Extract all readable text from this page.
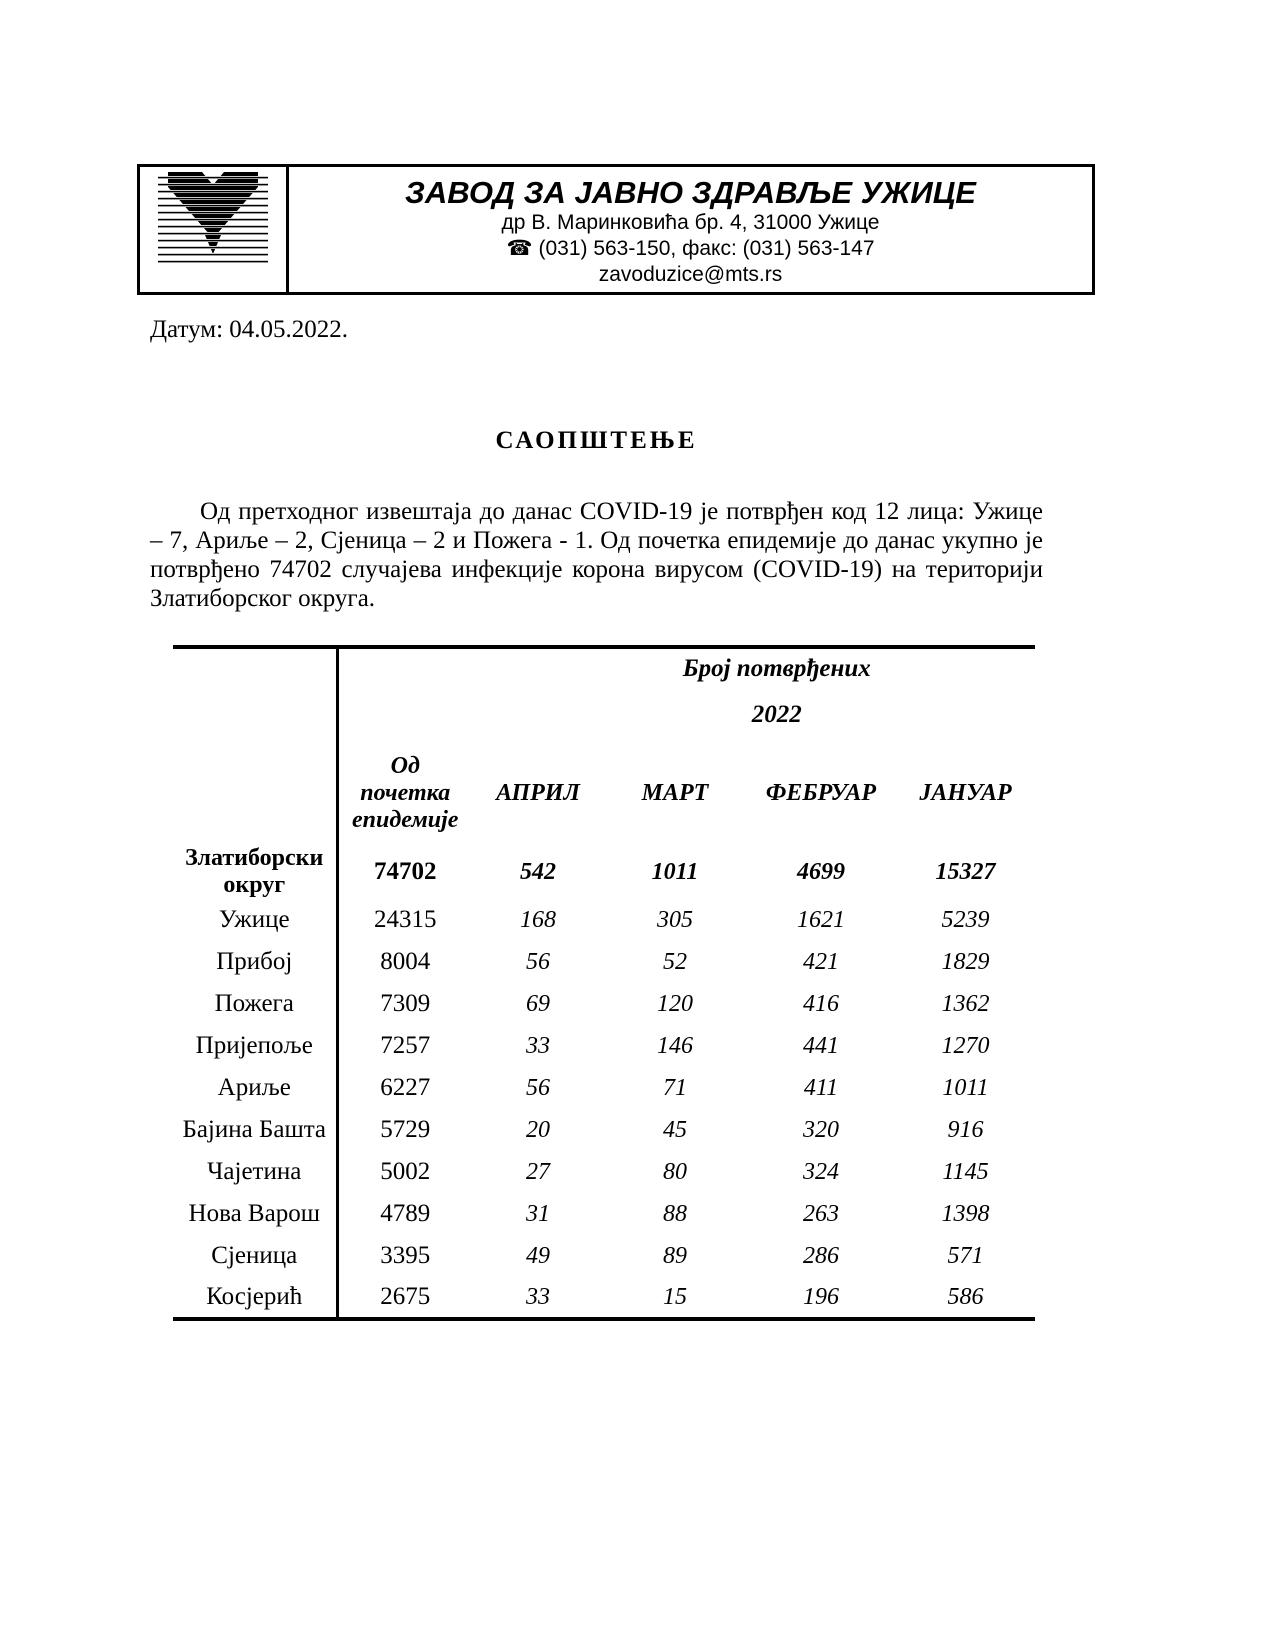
ЗАВОД ЗА ЈАВНО ЗДРАВЉЕ УЖИЦЕ
др В. Маринковића бр. 4, 31000 Ужице
☎ (031) 563-150, факс: (031) 563-147
zavoduzice@mts.rs
Датум: 04.05.2022.
САОПШТЕЊЕ

Од претходног извештаја до данас COVID-19 је потврђен код 12 лица: Ужице – 7, Ариље – 2, Сјеница – 2 и Пожега - 1. Од почетка епидемије до данас укупно је потврђено 74702 случајева инфекције корона вирусом (COVID-19) на територији Златиборског округа.

	Број потврђених				
	2022				
	Од почетка епидемије	АПРИЛ	МАРТ	ФЕБРУАР	ЈАНУАР
Златиборски округ	74702	542	1011	4699	15327
Ужице	24315	168	305	1621	5239
Прибој	8004	56	52	421	1829
Пожега	7309	69	120	416	1362
Пријепоље	7257	33	146	441	1270
Ариље	6227	56	71	411	1011
Бајина Башта	5729	20	45	320	916
Чајетина	5002	27	80	324	1145
Нова Варош	4789	31	88	263	1398
Сјеница	3395	49	89	286	571
Косјерић	2675	33	15	196	586
